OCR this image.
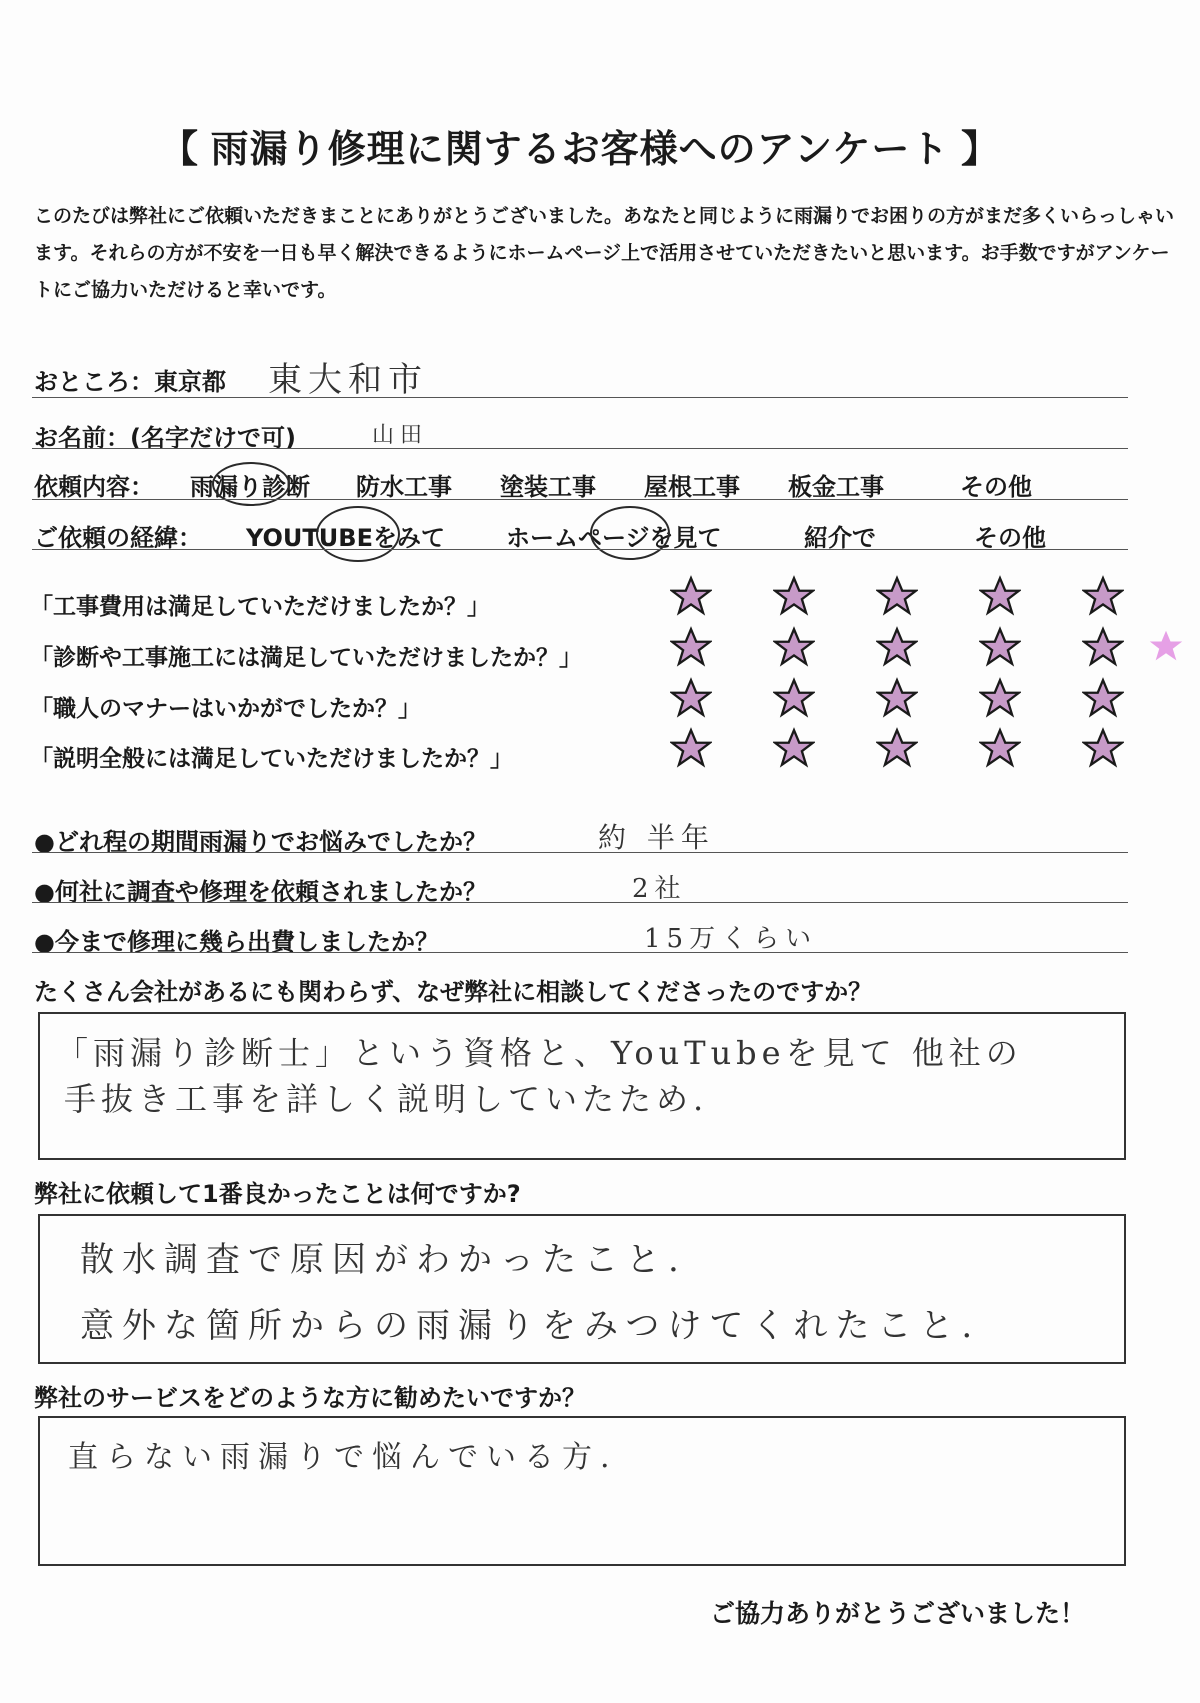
【 雨漏り修理に関するお客様へのアンケート 】
このたびは弊社にご依頼いただきまことにありがとうございました。あなたと同じように雨漏りでお困りの方がまだ多くいらっしゃいます。それらの方が不安を一日も早く解決できるようにホームページ上で活用させていただきたいと思います。お手数ですがアンケートにご協力いただけると幸いです。
おところ：東京都 東大和市
お名前：(名字だけで可)	山田
依頼内容： 雨漏り診断 防水工事 塗装工事 屋根工事 板金工事	その他
ご依頼の経緯： YOUTUBEをみて	ホームページを見て	紹介で	その他
「工事費用は満足していただけましたか？」
「診断や工事施工には満足していただけましたか？」
「職人のマナーはいかがでしたか？」
「説明全般には満足していただけましたか？」
●どれ程の期間雨漏りでお悩みでしたか？	約 半年
●何社に調査や修理を依頼されましたか？	2社
●今まで修理に幾ら出費しましたか？	15万くらい
たくさん会社があるにも関わらず、なぜ弊社に相談してくださったのですか？
「雨漏り診断士」という資格と、YouTubeを見て 他社の
手抜き工事を詳しく説明していたため.
弊社に依頼して1番良かったことは何ですか?
散水調査で原因がわかったこと.
意外な箇所からの雨漏りをみつけてくれたこと.
弊社のサービスをどのような方に勧めたいですか？
直らない雨漏りで悩んでいる方.
ご協力ありがとうございました！
